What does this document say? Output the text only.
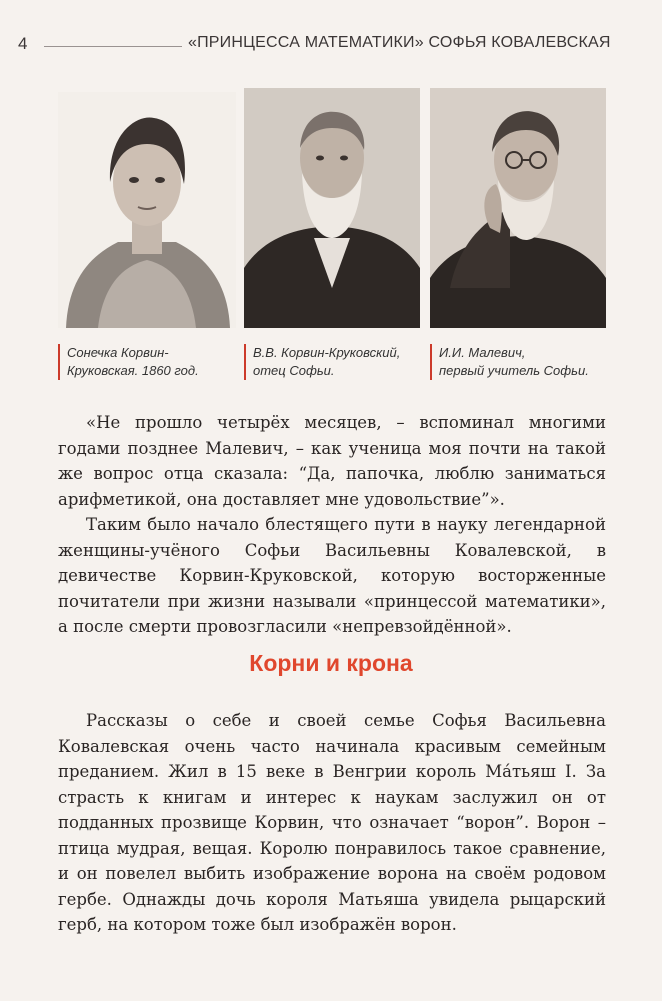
4	«ПРИНЦЕССА МАТЕМАТИКИ» СОФЬЯ КОВАЛЕВСКАЯ
Сонечка Корвин-
Круковская. 1860 год.
В.В. Корвин-Круковский,
отец Софьи.
И.И. Малевич,
первый учитель Софьи.

«Не прошло четырёх месяцев, – вспоминал многими годами позднее Малевич, – как ученица моя почти на такой же вопрос отца сказала: “Да, папочка, люблю заниматься арифметикой, она доставляет мне удовольствие”».

Таким было начало блестящего пути в науку легендарной женщины-учёного Софьи Васильевны Ковалевской, в девичестве Корвин-Круковской, которую восторженные почитатели при жизни называли «принцессой математики», а после смерти провозгласили «непревзойдённой».

Корни и крона

Рассказы о себе и своей семье Софья Васильевна Ковалевская очень часто начинала красивым семейным преданием. Жил в 15 веке в Венгрии король Ма́тьяш I. За страсть к книгам и интерес к наукам заслужил он от подданных прозвище Корвин, что означает “ворон”. Ворон – птица мудрая, вещая. Королю понравилось такое сравнение, и он повелел выбить изображение ворона на своём родовом гербе. Однажды дочь короля Матьяша увидела рыцарский герб, на котором тоже был изображён ворон.
